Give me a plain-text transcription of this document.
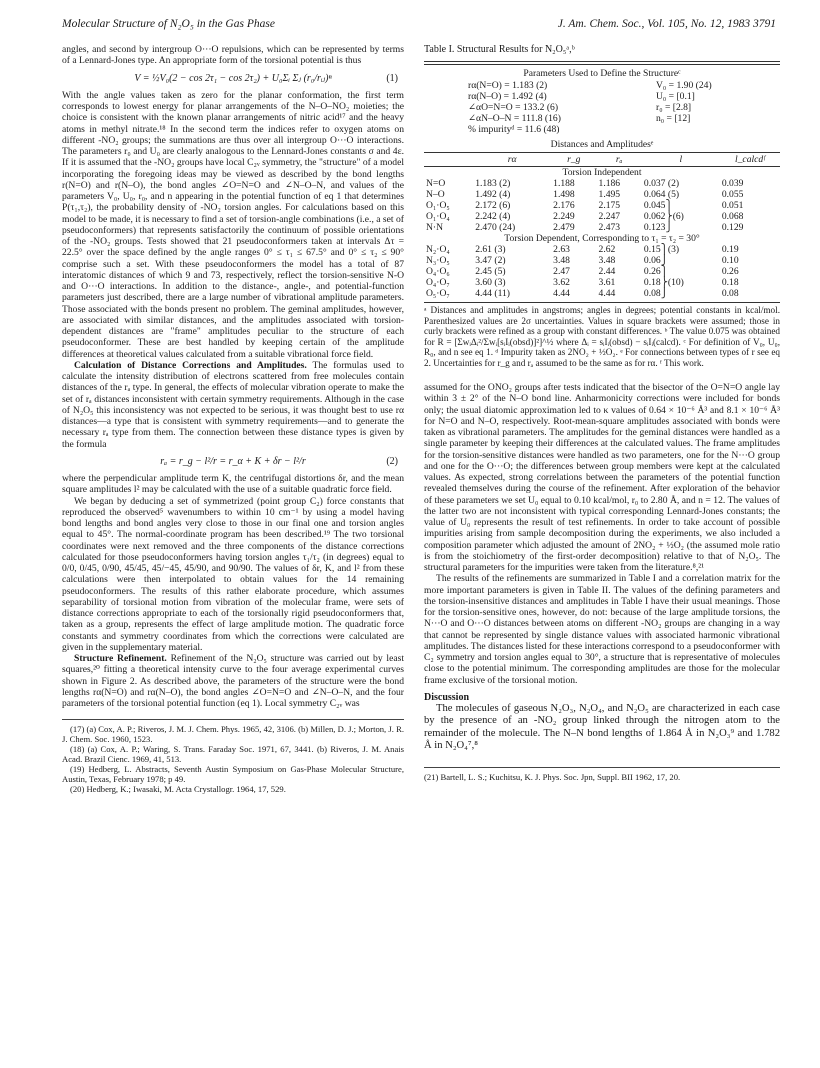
Molecular Structure of N₂O₅ in the Gas Phase	J. Am. Chem. Soc., Vol. 105, No. 12, 1983 3791

angles, and second by intergroup O···O repulsions, which can be represented by terms of a Lennard-Jones type. An appropriate form of the torsional potential is thus

V = ½V₀(2 − cos 2τ₁ − cos 2τ₂) + U₀Σᵢ Σⱼ (r₀/rᵢⱼ)ⁿ	(1)

With the angle values taken as zero for the planar conformation, the first term corresponds to lowest energy for planar arrangements of the N–O–NO₂ moieties; the choice is consistent with the known planar arrangements of nitric acid¹⁷ and the heavy atoms in methyl nitrate.¹⁸ In the second term the indices refer to oxygen atoms on different -NO₂ groups; the summations are thus over all intergroup O···O interactions. The parameters r₀ and U₀ are clearly analogous to the Lennard-Jones constants σ and 4ε. If it is assumed that the -NO₂ groups have local C₂ᵥ symmetry, the "structure" of a model incorporating the foregoing ideas may be viewed as described by the bond lengths r(N=O) and r(N–O), the bond angles ∠O=N=O and ∠N–O–N, and values of the parameters V₀, U₀, r₀, and n appearing in the potential function of eq 1 that determines P(τ₁,τ₂), the probability density of -NO₂ torsion angles. For calculations based on this model to be made, it is necessary to find a set of torsion-angle combinations (i.e., a set of pseudoconformers) that represents satisfactorily the continuum of possible orientations of the -NO₂ groups. Tests showed that 21 pseudoconformers taken at intervals Δτ = 22.5° over the space defined by the angle ranges 0° ≤ τ₁ ≤ 67.5° and 0° ≤ τ₂ ≤ 90° comprise such a set. With these pseudoconformers the model has a total of 87 interatomic distances of which 9 and 73, respectively, reflect the torsion-sensitive N-O and O···O interactions. In addition to the distance-, angle-, and potential-function parameters just described, there are a large number of vibrational amplitude parameters. Those associated with the bonds present no problem. The geminal amplitudes, however, are associated with similar distances, and the amplitudes associated with torsion-dependent distances are "frame" amplitudes peculiar to the structure of each pseudoconformer. These are best handled by keeping certain of the amplitude differences at theoretical values calculated from a suitable vibrational force field.

Calculation of Distance Corrections and Amplitudes. The formulas used to calculate the intensity distribution of electrons scattered from free molecules contain distances of the rₐ type. In general, the effects of molecular vibration operate to make the set of rₐ distances inconsistent with certain symmetry requirements. Although in the case of N₂O₅ this inconsistency was not expected to be serious, it was thought best to use rα distances—a type that is consistent with symmetry requirements—and to generate the necessary rₐ type from them. The connection between these distance types is given by the formula

rₐ = r_g − l²/r = r_α + K + δr − l²/r	(2)

where the perpendicular amplitude term K, the centrifugal distortions δr, and the mean square amplitudes l² may be calculated with the use of a suitable quadratic force field.

We began by deducing a set of symmetrized (point group C₂) force constants that reproduced the observed⁵ wavenumbers to within 10 cm⁻¹ by using a model having bond lengths and bond angles very close to those in our final one and torsion angles equal to 45°. The normal-coordinate program has been described.¹⁹ The two torsional coordinates were next removed and the three components of the distance corrections calculated for those pseudoconformers having torsion angles τ₁/τ₂ (in degrees) equal to 0/0, 0/45, 0/90, 45/45, 45/−45, 45/90, and 90/90. The values of δr, K, and l² from these calculations were then interpolated to obtain values for the 14 remaining pseudoconformers. The results of this rather elaborate procedure, which assumes separability of torsional motion from vibration of the molecular frame, were sets of distance corrections appropriate to each of the torsionally rigid pseudoconformers that, taken as a group, represents the effect of large amplitude motion. The quadratic force constants and symmetry coordinates from which the corrections were calculated are given in the supplementary material.

Structure Refinement. Refinement of the N₂O₅ structure was carried out by least squares,²⁰ fitting a theoretical intensity curve to the four average experimental curves shown in Figure 2. As described above, the parameters of the structure were the bond lengths rα(N=O) and rα(N–O), the bond angles ∠O=N=O and ∠N–O–N, and the four parameters of the torsional potential function (eq 1). Local symmetry C₂ᵥ was

(17) (a) Cox, A. P.; Riveros, J. M. J. Chem. Phys. 1965, 42, 3106. (b) Millen, D. J.; Morton, J. R. J. Chem. Soc. 1960, 1523.
(18) (a) Cox, A. P.; Waring, S. Trans. Faraday Soc. 1971, 67, 3441. (b) Riveros, J. M. Anais Acad. Brazil Cienc. 1969, 41, 513.
(19) Hedberg, L. Abstracts, Seventh Austin Symposium on Gas-Phase Molecular Structure, Austin, Texas, February 1978; p 49.
(20) Hedberg, K.; Iwasaki, M. Acta Crystallogr. 1964, 17, 529.
Table I. Structural Results for N₂O₅ᵃ,ᵇ
Parameters Used to Define the Structureᶜ
rα(N=O) = 1.183 (2)	V₀ = 1.90 (24)
rα(N–O) = 1.492 (4)	U₀ = [0.1]
∠αO=N=O = 133.2 (6)	r₀ = [2.8]
∠αN–O–N = 111.8 (16)	n₀ = [12]
% impurityᵈ = 11.6 (48)
Distances and Amplitudesᵉ
	rα	r_g	rₐ	l	l_calcdᶠ
Torsion Independent					
N=O	1.183 (2)	1.188	1.186	0.037 (2)	0.039
N–O	1.492 (4)	1.498	1.495	0.064 (5)	0.055
O₁·O₅	2.172 (6)	2.176	2.175	0.045⎫	0.051
O₁·O₄	2.242 (4)	2.249	2.247	0.062⎬(6)	0.068
N·N	2.470 (24)	2.479	2.473	0.123⎭	0.129
Torsion Dependent, Corresponding to τ₁ = τ₂ = 30°					
N₂·O₄	2.61 (3)	2.63	2.62	0.15⎫(3)	0.19
N₃·O₅	3.47 (2)	3.48	3.48	0.06⎭	0.10
O₄·O₆	2.45 (5)	2.47	2.44	0.26⎫	0.26
O₄·O₇	3.60 (3)	3.62	3.61	0.18⎬(10)	0.18
O₅·O₇	4.44 (11)	4.44	4.44	0.08⎭	0.08
ᵃ Distances and amplitudes in angstroms; angles in degrees; potential constants in kcal/mol. Parenthesized values are 2σ uncertainties. Values in square brackets were assumed; those in curly brackets were refined as a group with constant differences. ᵇ The value 0.075 was obtained for R = [ΣwᵢΔᵢ²/Σwᵢ[sᵢIᵢ(obsd)]²]^½ where Δᵢ = sᵢIᵢ(obsd) − sᵢIᵢ(calcd). ᶜ For definition of V₀, U₀, R₀, and n see eq 1. ᵈ Impurity taken as 2NO₂ + ½O₂. ᵉ For connections between types of r see eq 2. Uncertainties for r_g and rₐ assumed to be the same as for rα. ᶠ This work.

assumed for the ONO₂ groups after tests indicated that the bisector of the O=N=O angle lay within 3 ± 2° of the N–O bond line. Anharmonicity corrections were included for bonds only; the usual diatomic approximation led to κ values of 0.64 × 10⁻⁶ Å³ and 8.1 × 10⁻⁶ Å³ for N=O and N–O, respectively. Root-mean-square amplitudes associated with bonds were taken as vibrational parameters. The amplitudes for the geminal distances were handled as a single parameter by keeping their differences at the calculated values. The frame amplitudes for the torsion-sensitive distances were handled as two parameters, one for the N···O group and one for the O···O; the differences between group members were kept at the calculated values. As expected, strong correlations between the parameters of the potential function revealed themselves during the course of the refinement. After exploration of the behavior of these parameters we set U₀ equal to 0.10 kcal/mol, r₀ to 2.80 Å, and n = 12. The values of the latter two are not inconsistent with typical corresponding Lennard-Jones constants; the value of U₀ represents the result of test refinements. In order to take account of possible impurities arising from sample decomposition during the experiments, we also included a composition parameter which adjusted the amount of 2NO₂ + ½O₂ (the assumed mole ratio is from the stoichiometry of the first-order decomposition) relative to that of N₂O₅. The structural parameters for the impurities were taken from the literature.⁸,²¹

The results of the refinements are summarized in Table I and a correlation matrix for the more important parameters is given in Table II. The values of the defining parameters and the torsion-insensitive distances and amplitudes in Table I have their usual meanings. Those for the torsion-sensitive ones, however, do not: because of the large amplitude torsions, the N···O and O···O distances between atoms on different -NO₂ groups are changing in a way that cannot be represented by single distance values with associated harmonic vibrational amplitudes. The distances listed for these interactions correspond to a pseudoconformer with C₂ symmetry and torsion angles equal to 30°, a structure that is representative of molecules close to the potential minimum. The corresponding amplitudes are those for the molecular frame exclusive of the torsional motion.

Discussion

The molecules of gaseous N₂O₃, N₂O₄, and N₂O₅ are characterized in each case by the presence of an -NO₂ group linked through the nitrogen atom to the remainder of the molecule. The N–N bond lengths of 1.864 Å in N₂O₃⁹ and 1.782 Å in N₂O₄⁷,⁸

(21) Bartell, L. S.; Kuchitsu, K. J. Phys. Soc. Jpn, Suppl. BII 1962, 17, 20.
